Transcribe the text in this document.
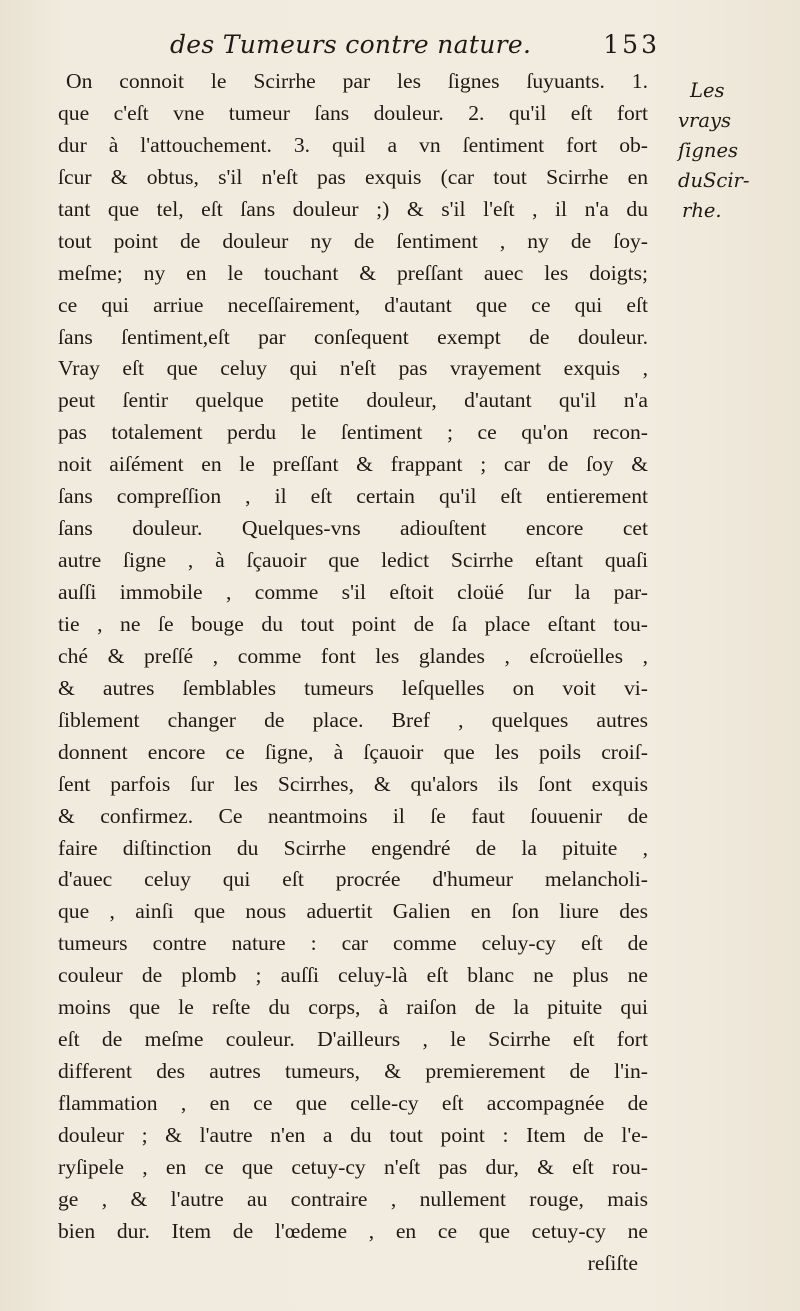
des Tumeurs contre nature.	153
Les
vrays
ſignes
duScir-
rhe.
On connoit le Scirrhe par les ſignes ſuyuants. 1.
que c'eſt vne tumeur ſans douleur. 2. qu'il eſt fort
dur à l'attouchement. 3. quil a vn ſentiment fort ob-
ſcur & obtus, s'il n'eſt pas exquis (car tout Scirrhe en
tant que tel, eſt ſans douleur ;) & s'il l'eſt , il n'a du
tout point de douleur ny de ſentiment , ny de ſoy-
meſme; ny en le touchant & preſſant auec les doigts;
ce qui arriue neceſſairement, d'autant que ce qui eſt
ſans ſentiment,eſt par conſequent exempt de douleur.
Vray eſt que celuy qui n'eſt pas vrayement exquis ,
peut ſentir quelque petite douleur, d'autant qu'il n'a
pas totalement perdu le ſentiment ; ce qu'on recon-
noit aiſément en le preſſant & frappant ; car de ſoy &
ſans compreſſion , il eſt certain qu'il eſt entierement
ſans douleur. Quelques-vns adiouſtent encore cet
autre ſigne , à ſçauoir que ledict Scirrhe eſtant quaſi
auſſi immobile , comme s'il eſtoit cloüé ſur la par-
tie , ne ſe bouge du tout point de ſa place eſtant tou-
ché & preſſé , comme font les glandes , eſcroüelles ,
& autres ſemblables tumeurs leſquelles on voit vi-
ſiblement changer de place. Bref , quelques autres
donnent encore ce ſigne, à ſçauoir que les poils croiſ-
ſent parfois ſur les Scirrhes, & qu'alors ils ſont exquis
& confirmez. Ce neantmoins il ſe faut ſouuenir de
faire diſtinction du Scirrhe engendré de la pituite ,
d'auec celuy qui eſt procrée d'humeur melancholi-
que , ainſi que nous aduertit Galien en ſon liure des
tumeurs contre nature : car comme celuy-cy eſt de
couleur de plomb ; auſſi celuy-là eſt blanc ne plus ne
moins que le reſte du corps, à raiſon de la pituite qui
eſt de meſme couleur. D'ailleurs , le Scirrhe eſt fort
different des autres tumeurs, & premierement de l'in-
flammation , en ce que celle-cy eſt accompagnée de
douleur ; & l'autre n'en a du tout point : Item de l'e-
ryſipele , en ce que cetuy-cy n'eſt pas dur, & eſt rou-
ge , & l'autre au contraire , nullement rouge, mais
bien dur. Item de l'œdeme , en ce que cetuy-cy ne
reſiſte
